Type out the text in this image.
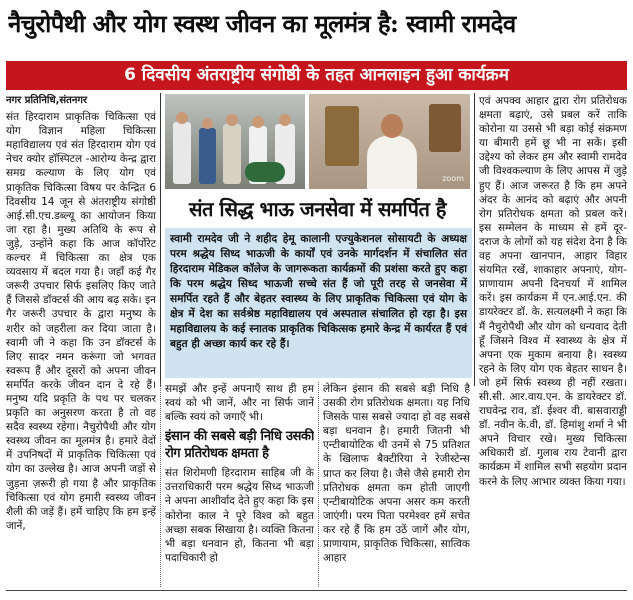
नैचुरोपैथी और योग स्वस्थ जीवन का मूलमंत्र है: स्वामी रामदेव
6 दिवसीय अंतराष्ट्रीय संगोष्ठी के तहत आनलाइन हुआ कार्यक्रम
नगर प्रतिनिधि,संतनगर

संत हिरदाराम प्राकृतिक चिकित्सा एवं योग विज्ञान महिला चिकित्सा महाविद्यालय एवं संत हिरदाराम योग एवं नेचर क्योर हॉस्पिटल -आरोग्य केन्द्र द्वारा समग्र कल्याण के लिए योग एवं प्राकृतिक चिकित्सा विषय पर केन्द्रित 6 दिवसीय 14 जून से अंतराष्ट्रीय संगोष्ठी आई.सी.एच.डब्ल्यू का आयोजन किया जा रहा है। मुख्य अतिथि के रूप से जुड़े, उन्होंने कहा कि आज कॉर्पोरेट कल्चर में चिकित्सा का क्षेत्र एक व्यवसाय में बदल गया है। जहाँ कई गैर जरूरी उपचार सिर्फ इसलिए किए जाते हैं जिससे डॉक्टर्स की आय बढ़ सके। इन गैर जरूरी उपचार के द्वारा मनुष्य के शरीर को जहरीला कर दिया जाता है। स्वामी जी ने कहा कि उन डॉक्टर्स के लिए सादर नमन करूंगा जो भगवत स्वरूप हैं और दूसरों को अपना जीवन समर्पित करके जीवन दान दे रहे हैं। मनुष्य यदि प्रकृति के पथ पर चलकर प्रकृति का अनुसरण करता है तो वह सदैव स्वस्थ्य रहेगा। नैचुरोपैथी और योग स्वस्थ्य जीवन का मूलमंत्र है। हमारे वेदों में उपनिषदों में प्राकृतिक चिकित्सा एवं योग का उल्लेख है। आज अपनी जड़ों से जुड़ना ज़रूरी हो गया है और प्राकृतिक चिकित्सा एवं योग हमारी स्वस्थ्य जीवन शैली की जड़ें हैं। हमें चाहिए कि हम इन्हें जानें,

zoom
संत सिद्ध भाऊ जनसेवा में समर्पित है
स्वामी रामदेव जी ने शहीद हेमू कालानी एज्युकेशनल सोसायटी के अध्यक्ष परम श्रद्धेय सिध्द भाऊजी के कार्यों एवं उनके मार्गदर्शन में संचालित संत हिरदाराम मेडिकल कॉलेज के जागरूकता कार्यक्रमों की प्रशंसा करते हुए कहा कि परम श्रद्धेय सिध्द भाऊजी सच्चे संत हैं जो पूरी तरह से जनसेवा में समर्पित रहते हैं और बेहतर स्वास्थ्य के लिए प्राकृतिक चिकित्सा एवं योग के क्षेत्र में देश का सर्वश्रेष्ठ महाविद्यालय एवं अस्पताल संचालित हो रहा है। इस महाविद्यालय के कई स्नातक प्राकृतिक चिकित्सक हमारे केन्द्र में कार्यरत हैं एवं बहुत ही अच्छा कार्य कर रहे हैं।

समझें और इन्हें अपनाएँ साथ ही हम स्वयं को भी जानें, और ना सिर्फ जानें बल्कि स्वयं को जगाएँ भी।

इंसान की सबसे बड़ी निधि उसकी रोग प्रतिरोधक क्षमता है

संत शिरोमणी हिरदाराम साहिब जी के उत्तराधिकारी परम श्रद्धेय सिध्द भाऊजी ने अपना आशीर्वाद देते हुए कहा कि इस कोरोना काल ने पूरे विश्व को बहुत अच्छा सबक सिखाया है। व्यक्ति कितना भी बड़ा धनवान हो, कितना भी बड़ा पदाधिकारी हो

लेकिन इंसान की सबसे बड़ी निधि है उसकी रोग प्रतिरोधक क्षमता। यह निधि जिसके पास सबसे ज्यादा हो वह सबसे बड़ा धनवान है। हमारी जितनी भी एन्टीबायोटिक थी उनमें से 75 प्रतिशत के खिलाफ बैक्टीरिया ने रेजीस्टेन्स प्राप्त कर लिया है। जैसे जैसे हमारी रोग प्रतिरोधक क्षमता कम होती जाएगी एन्टीबायोटिक अपना असर कम करती जाएंगी। परम पिता परमेश्वर हमें सचेत कर रहे हैं कि हम उठें जागें और योग, प्राणायाम, प्राकृतिक चिकित्सा, सात्विक आहार

एवं अपक्व आहार द्वारा रोग प्रतिरोधक क्षमता बढ़ाएं, उसे प्रबल करें ताकि कोरोना या उससे भी बड़ा कोई संक्रमण या बीमारी हमें छू भी ना सकें। इसी उद्देश्य को लेकर हम और स्वामी रामदेव जी विश्वकल्याण के लिए आपस में जुड़े हुए हैं। आज जरूरत है कि हम अपने अंदर के आनंद को बढ़ाएं और अपनी रोग प्रतिरोधक क्षमता को प्रबल करें। इस सम्मेलन के माध्यम से हमें दूर-दराज के लोगों को यह संदेश देना है कि वह अपना खानपान, आहार विहार संयमित रखें, शाकाहार अपनाएं, योग-प्राणायाम अपनी दिनचर्या में शामिल करें। इस कार्यक्रम में एन.आई.एन. की डायरेक्टर डॉ. के. सत्यलक्ष्मी ने कहा कि मैं नैचुरोपैथी और योग को धन्यवाद देती हूँ जिसने विश्व में स्वास्थ्य के क्षेत्र में अपना एक मुकाम बनाया है। स्वस्थ्य रहने के लिए योग एक बेहतर साधन है। जो हमें सिर्फ स्वस्थ्य ही नहीं रखता। सी.सी. आर.वाय.एन. के डायरेक्टर डॉ. राघवेन्द्र राव, डॉ. ईश्वर वी. बासवाराड्डी डॉ. नवीन के.वी, डॉ. हिमांशु शर्मा ने भी अपने विचार रखे। मुख्य चिकित्सा अधिकारी डॉ. गुलाब राय टेवानी द्वारा कार्यक्रम में शामिल सभी सहयोग प्रदान करने के लिए आभार व्यक्त किया गया।
